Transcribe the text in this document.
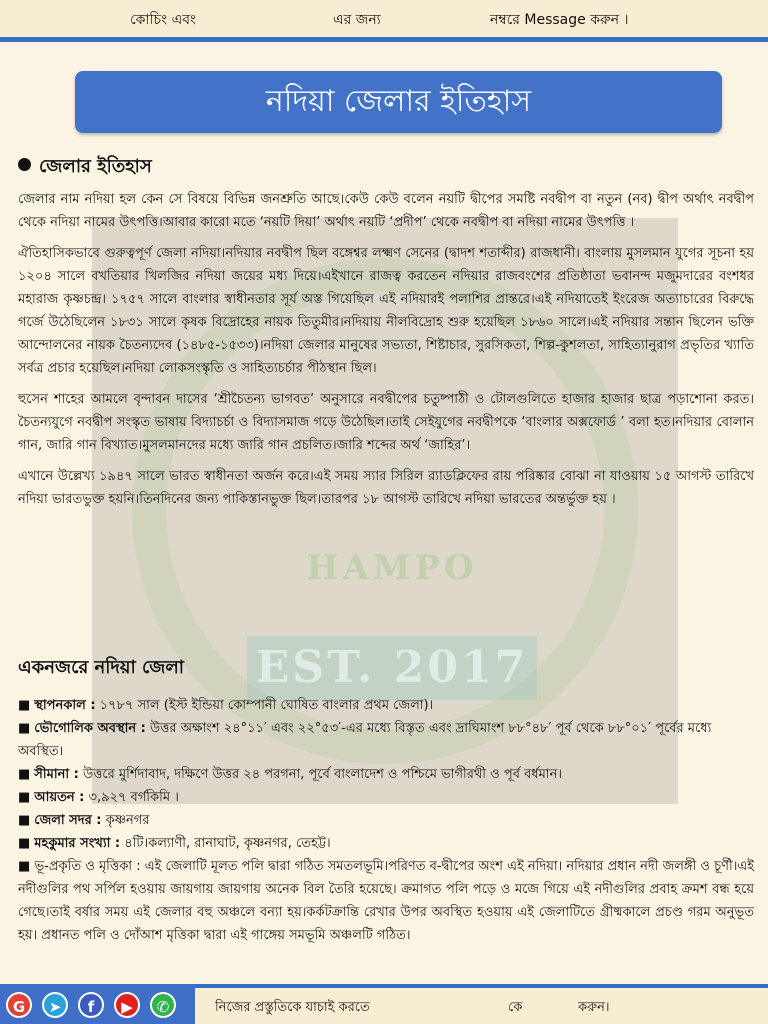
কোচিং এবং	এর জন্য	নম্বরে Message করুন ।
HAMPO
EST. 2017
নদিয়া জেলার ইতিহাস
জেলার ইতিহাস

জেলার নাম নদিয়া হল কেন সে বিষয়ে বিভিন্ন জনশ্রুতি আছে।কেউ কেউ বলেন নয়টি দ্বীপের সমষ্টি নবদ্বীপ বা নতুন (নব) দ্বীপ অর্থাৎ নবদ্বীপ থেকে নদিয়া নামের উৎপত্তি।আবার কারো মতে ‘নয়টি দিয়া’ অর্থাৎ নয়টি ‘প্রদীপ’ থেকে নবদ্বীপ বা নদিয়া নামের উৎপত্তি ।

ঐতিহাসিকভাবে গুরুত্বপূর্ণ জেলা নদিয়া।নদিয়ার নবদ্বীপ ছিল বঙ্গেশ্বর লক্ষ্মণ সেনের (দ্বাদশ শতাব্দীর) রাজধানী। বাংলায় মুসলমান যুগের সূচনা হয় ১২০৪ সালে বখতিয়ার খিলজির নদিয়া জয়ের মধ্য দিয়ে।এইখানে রাজত্ব করতেন নদিয়ার রাজবংশের প্রতিষ্ঠাতা ভবানন্দ মজুমদারের বংশধর মহারাজ কৃষ্ণচন্দ্র। ১৭৫৭ সালে বাংলার স্বাধীনতার সূর্য অস্ত গিয়েছিল এই নদিয়ারই পলাশির প্রান্তরে।এই নদিয়াতেই ইংরেজ অত্যাচারের বিরুদ্ধে গর্জে উঠেছিলেন ১৮৩১ সালে কৃষক বিদ্রোহের নায়ক তিতুমীর।নদিয়ায় নীলবিদ্রোহ শুরু হয়েছিল ১৮৬০ সালে।এই নদিয়ার সন্তান ছিলেন ভক্তি আন্দোলনের নায়ক চৈতন্যদেব (১৪৮৫-১৫৩৩)।নদিয়া জেলার মানুষের সভ্যতা, শিষ্টাচার, সুরসিকতা, শিল্প-কুশলতা, সাহিত্যানুরাগ প্রভৃতির খ্যাতি সর্বত্র প্রচার হয়েছিল।নদিয়া লোকসংস্কৃতি ও সাহিত্যচর্চার পীঠস্থান ছিল।

হুসেন শাহের আমলে বৃন্দাবন দাসের ‘শ্রীচৈতন্য ভাগবত’ অনুসারে নবদ্বীপের চতুষ্পাঠী ও টোলগুলিতে হাজার হাজার ছাত্র পড়াশোনা করত।চৈতন্যযুগে নবদ্বীপ সংস্কৃত ভাষায় বিদ্যাচর্চা ও বিদ্যাসমাজ গড়ে উঠেছিল।তাই সেইযুগের নবদ্বীপকে ‘বাংলার অক্সফোর্ড ’ বলা হত।নদিয়ার বোলান গান, জারি গান বিখ্যাত।মুসলমানদের মধ্যে জারি গান প্রচলিত।জারি শব্দের অর্থ ‘জাহির’।

এখানে উল্লেখ্য ১৯৪৭ সালে ভারত স্বাধীনতা অর্জন করে।এই সময় স্যার সিরিল র‍্যাডক্লিফের রায় পরিষ্কার বোঝা না যাওয়ায় ১৫ আগস্ট তারিখে নদিয়া ভারতভুক্ত হয়নি।তিনদিনের জন্য পাকিস্তানভুক্ত ছিল।তারপর ১৮ আগস্ট তারিখে নদিয়া ভারতের অন্তর্ভুক্ত হয় ।

একনজরে নদিয়া জেলা
■ স্থাপনকাল : ১৭৮৭ সাল (ইস্ট ইন্ডিয়া কোম্পানী ঘোষিত বাংলার প্রথম জেলা)।
■ ভৌগোলিক অবস্থান : উত্তর অক্ষাংশ ২৪°১১′ এবং ২২°৫৩′-এর মধ্যে বিস্তৃত এবং দ্রাঘিমাংশ ৮৮°৪৮′ পূর্ব থেকে ৮৮°০১′ পূর্বের মধ্যে অবস্থিত।
■ সীমানা : উত্তরে মুর্শিদাবাদ, দক্ষিণে উত্তর ২৪ পরগনা, পূর্বে বাংলাদেশ ও পশ্চিমে ভাগীরথী ও পূর্ব বর্ধমান।
■ আয়তন : ৩,৯২৭ বর্গকিমি ।
■ জেলা সদর : কৃষ্ণনগর
■ মহকুমার সংখ্যা : ৪টি।কল্যাণী, রানাঘাট, কৃষ্ণনগর, তেহট্ট।
■ ভূ-প্রকৃতি ও মৃত্তিকা : এই জেলাটি মূলত পলি দ্বারা গঠিত সমতলভূমি।পরিণত ব-দ্বীপের অংশ এই নদিয়া। নদিয়ার প্রধান নদী জলঙ্গী ও চূর্ণী।এই নদীগুলির পথ সর্পিল হওয়ায় জায়গায় জায়গায় অনেক বিল তৈরি হয়েছে। ক্রমাগত পলি পড়ে ও মজে গিয়ে এই নদীগুলির প্রবাহ ক্রমশ বন্ধ হয়ে গেছে।তাই বর্ষার সময় এই জেলার বহু অঞ্চলে বন্যা হয়।কর্কটক্রান্তি রেখার উপর অবস্থিত হওয়ায় এই জেলাটিতে গ্রীষ্মকালে প্রচণ্ড গরম অনুভূত হয়। প্রধানত পলি ও দোঁআশ মৃত্তিকা দ্বারা এই গাঙ্গেয় সমভূমি অঞ্চলটি গঠিত।
নিজের প্রস্তুতিকে যাচাই করতে	কে	করুন।
G	➤	f	▶	✆
